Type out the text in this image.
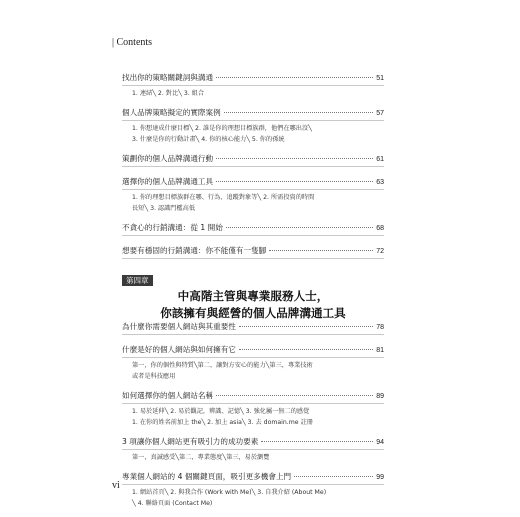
| Contents
找出你的策略關鍵詞與溝通	51
1. 連結╲ 2. 對比╲ 3. 組合
個人品牌策略擬定的實際案例	57
1. 你想達成什麼目標╲ 2. 誰是你的理想目標族群，他們在哪出沒╲
3. 什麼是你的行動計畫╲ 4. 你的核心能力╲ 5. 你的孫統
策劃你的個人品牌溝通行動	61
選擇你的個人品牌溝通工具	63
1. 你的理想目標族群在哪、行為、追蹤對象等╲ 2. 所需投資的時間
長短╲ 3. 認識門檻高低
不貪心的行銷溝通：從 1 開始	68
想要有穩固的行銷溝通：你不能僅有一隻腳	72
第四章
中高階主管與專業服務人士，
你該擁有與經營的個人品牌溝通工具
為什麼你需要個人網站與其重要性	78
什麼是好的個人網站與如何擁有它	81
第一，你的個性與特質╲第二，讓對方安心的能力╲第三，專業技術
或者是科技應用
如何選擇你的個人網站名稱	89
1. 易於延伸╲ 2. 易於觀記，辨識、記憶╲ 3. 強化屬一無二的感覺
1. 在你的姓名前加上 the╲ 2. 加上 asia╲ 3. 去 domain.me 註冊
3 項讓你個人網站更有吸引力的成功要素	94
第一，真誠感受╲第二，專業態度╲第三，易於瀏覽
專業個人網站的 4 個關鍵頁面，吸引更多機會上門	99
1. 網站首頁╲ 2. 與我合作 (Work with Me)╲ 3. 自我介紹 (About Me)
╲ 4. 聯絡頁面 (Contact Me)
vi
